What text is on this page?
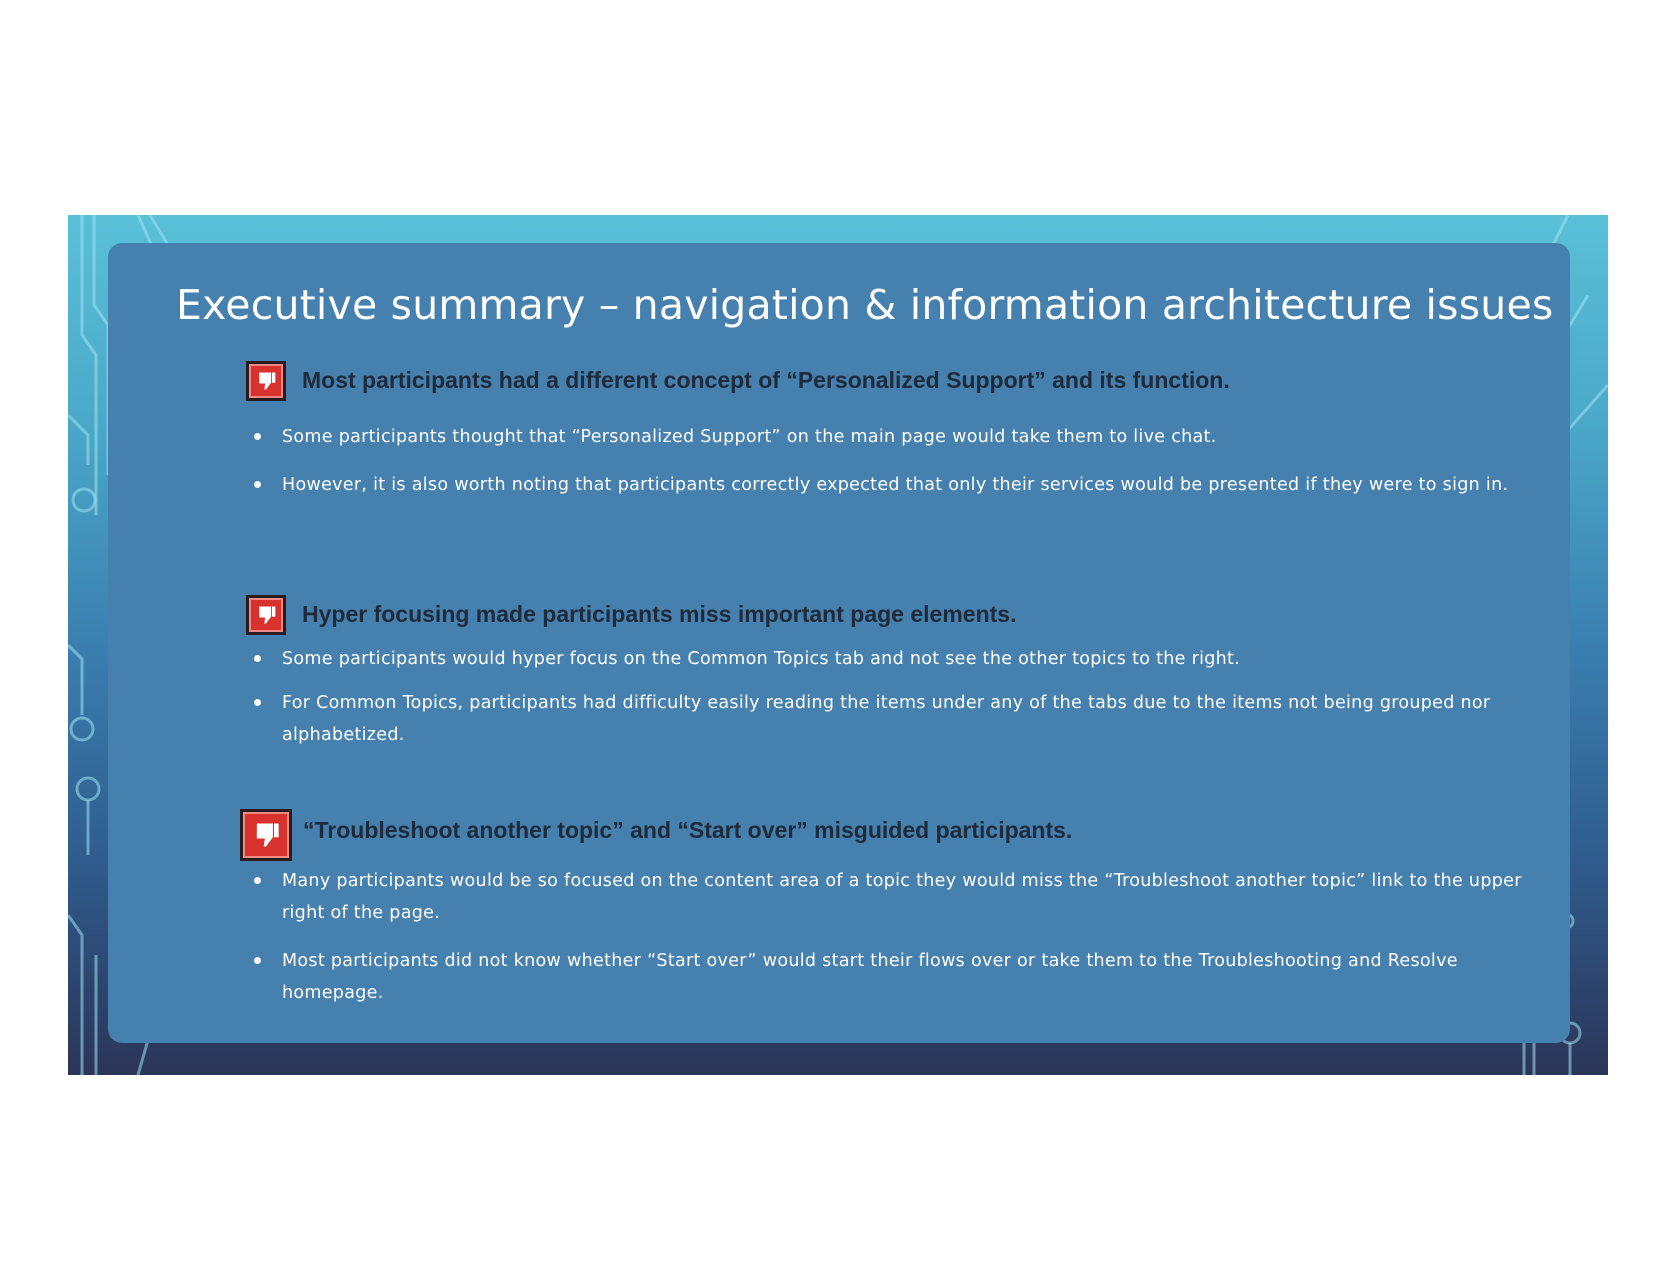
Executive summary – navigation & information architecture issues
Most participants had a different concept of “Personalized Support” and its function.
Some participants thought that “Personalized Support” on the main page would take them to live chat.
However, it is also worth noting that participants correctly expected that only their services would be presented if they were to sign in.
Hyper focusing made participants miss important page elements.
Some participants would hyper focus on the Common Topics tab and not see the other topics to the right.
For Common Topics, participants had difficulty easily reading the items under any of the tabs due to the items not being grouped nor alphabetized.
“Troubleshoot another topic” and “Start over” misguided participants.
Many participants would be so focused on the content area of a topic they would miss the “Troubleshoot another topic” link to the upper right of the page.
Most participants did not know whether “Start over” would start their flows over or take them to the Troubleshooting and Resolve homepage.
